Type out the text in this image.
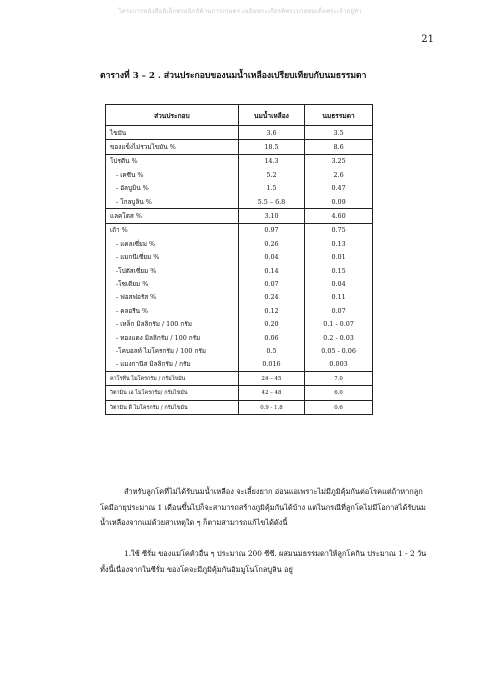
โครงการหนังสืออิเล็กทรอนิกส์ด้านการเกษตร เฉลิมพระเกียรติพระบาทสมเด็จพระเจ้าอยู่หัว
21
ตารางที่ 3 – 2 . ส่วนประกอบของนมน้ำเหลืองเปรียบเทียบกับนมธรรมดา
ส่วนประกอบ	นมน้ำเหลือง	นมธรรมดา
ไขมัน	3.6	3.5
ของแข็งไม่รวมไขมัน %	18.5	8.6
โปรตีน %	14.3	3.25
- เคซีน %	5.2	2.6
- อัลบูมิน %	1.5	0.47
- โกลบูลิน %	5.5 – 6.8	0.09
แลคโตส %	3.10	4.60
เถ้า %	0.97	0.75
- แคลเซี่ยม %	0.26	0.13
- แมกนีเซี่ยม %	0.04	0.01
-โปตัสเซี่ยม %	0.14	0.15
-โซเดียม %	0.07	0.04
- ฟอสฟอรัส %	0.24	0.11
- คลอรีน %	0.12	0.07
- เหล็ก มิลลิกรัม / 100 กรัม	0.20	0.1 - 0.07
- ทองแดง มิลลิกรัม / 100 กรัม	0.06	0.2 - 0.03
-โคบอลท์ ไมโครกรัม / 100 กรัม	0.5	0.05 - 0.06
- แมงกานีส มิลลิกรัม / กรัม	0.016	0.003
คาโรทีน ไมโครกรัม / กรัมไขมัน	24 – 45	7.0
วิตามิน เอ ไมโครกรัม/ กรัมไขมัน	42 – 48	6.0
วิตามิน ดี ไมโครกรัม / กรัมไขมัน	0.9 - 1.8	0.6
สำหรับลูกโคที่ไม่ได้รับนมน้ำเหลือง จะเลี้ยงยาก อ่อนแอเพราะไม่มีภูมิคุ้มกันต่อโรคแต่ถ้าหากลูกโคมีอายุประมาณ 1 เดือนขึ้นไปก็จะสามารถสร้างภูมิคุ้มกันได้บ้าง แต่ในกรณีที่ลูกโคไม่มีโอกาสได้รับนมน้ำเหลืองจากแม่ด้วยสาเหตุใด ๆ ก็ตามสามารถแก้ไขได้ดังนี้
1.ใช้ ซีรั่ม ของแม่โคตัวอื่น ๆ ประมาณ 200 ซีซี. ผสมนมธรรมดาให้ลูกโคกิน ประมาณ 1 - 2 วัน ทั้งนี้เนื่องจากในซีรั่ม ของโคจะมีภูมิคุ้มกันอิมมูโนโกลบูลิน อยู่
